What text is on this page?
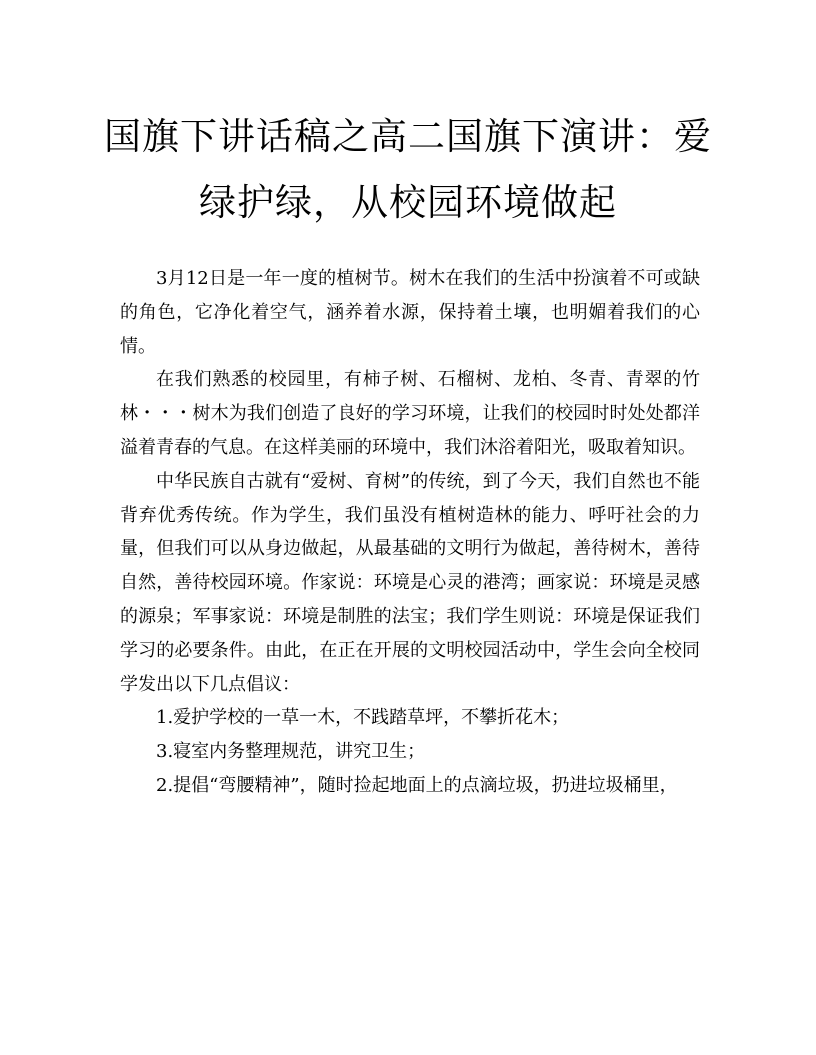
国旗下讲话稿之高二国旗下演讲：爱绿护绿，从校园环境做起

3月12日是一年一度的植树节。树木在我们的生活中扮演着不可或缺的角色，它净化着空气，涵养着水源，保持着土壤，也明媚着我们的心情。

在我们熟悉的校园里，有柿子树、石榴树、龙柏、冬青、青翠的竹林・・・树木为我们创造了良好的学习环境，让我们的校园时时处处都洋溢着青春的气息。在这样美丽的环境中，我们沐浴着阳光，吸取着知识。

中华民族自古就有“爱树、育树”的传统，到了今天，我们自然也不能背弃优秀传统。作为学生，我们虽没有植树造林的能力、呼吁社会的力量，但我们可以从身边做起，从最基础的文明行为做起，善待树木，善待自然，善待校园环境。作家说：环境是心灵的港湾；画家说：环境是灵感的源泉；军事家说：环境是制胜的法宝；我们学生则说：环境是保证我们学习的必要条件。由此，在正在开展的文明校园活动中，学生会向全校同学发出以下几点倡议：

1.爱护学校的一草一木，不践踏草坪，不攀折花木；

3.寝室内务整理规范，讲究卫生；

2.提倡“弯腰精神”，随时捡起地面上的点滴垃圾，扔进垃圾桶里，
